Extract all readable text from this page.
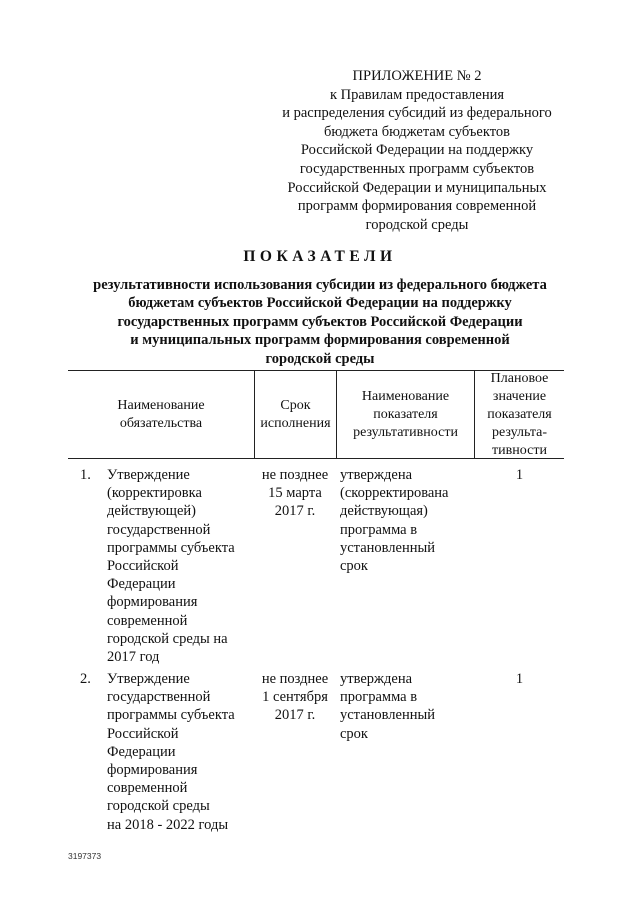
ПРИЛОЖЕНИЕ № 2
к Правилам предоставления
и распределения субсидий из федерального
бюджета бюджетам субъектов
Российской Федерации на поддержку
государственных программ субъектов
Российской Федерации и муниципальных
программ формирования современной
городской среды
ПОКАЗАТЕЛИ
результативности использования субсидии из федерального бюджета
бюджетам субъектов Российской Федерации на поддержку
государственных программ субъектов Российской Федерации
и муниципальных программ формирования современной
городской среды
Наименование
обязательства
Срок
исполнения
Наименование
показателя
результативности
Плановое
значение
показателя
результа-
тивности
1. Утверждение
(корректировка
действующей)
государственной
программы субъекта
Российской
Федерации
формирования
современной
городской среды на
2017 год
не позднее
15 марта
2017 г.
утверждена
(скорректирована
действующая)
программа в
установленный
срок
1
2. Утверждение
государственной
программы субъекта
Российской
Федерации
формирования
современной
городской среды
на 2018 - 2022 годы
не позднее
1 сентября
2017 г.
утверждена
программа в
установленный
срок
1
3197373
